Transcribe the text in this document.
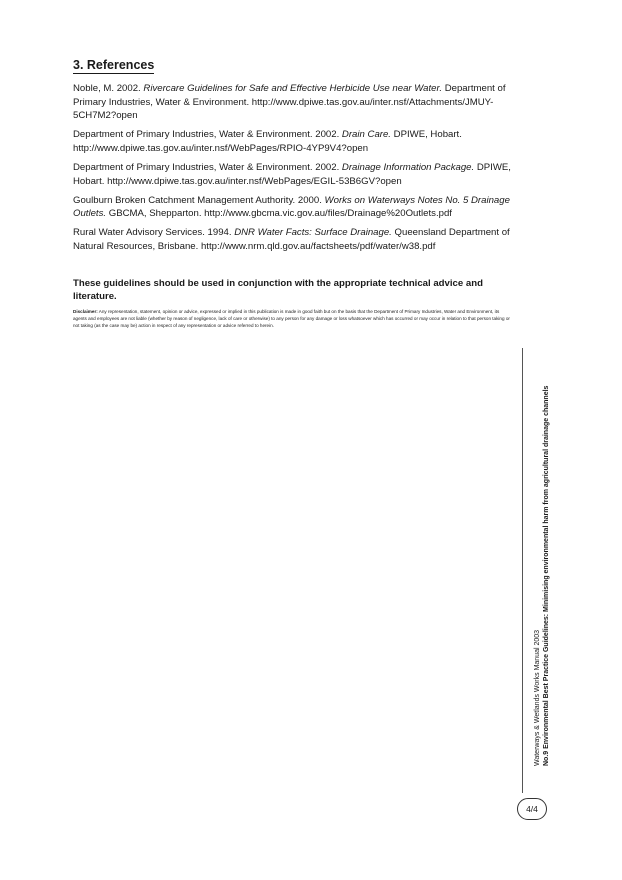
3. References

Noble, M. 2002. Rivercare Guidelines for Safe and Effective Herbicide Use near Water. Department of Primary Industries, Water & Environment. http://www.dpiwe.tas.gov.au/inter.nsf/Attachments/JMUY-5CH7M2?open

Department of Primary Industries, Water & Environment. 2002. Drain Care. DPIWE, Hobart. http://www.dpiwe.tas.gov.au/inter.nsf/WebPages/RPIO-4YP9V4?open

Department of Primary Industries, Water & Environment. 2002. Drainage Information Package. DPIWE, Hobart. http://www.dpiwe.tas.gov.au/inter.nsf/WebPages/EGIL-53B6GV?open

Goulburn Broken Catchment Management Authority. 2000. Works on Waterways Notes No. 5 Drainage Outlets. GBCMA, Shepparton. http://www.gbcma.vic.gov.au/files/Drainage%20Outlets.pdf

Rural Water Advisory Services. 1994. DNR Water Facts: Surface Drainage. Queensland Department of Natural Resources, Brisbane. http://www.nrm.qld.gov.au/factsheets/pdf/water/w38.pdf

These guidelines should be used in conjunction with the appropriate technical advice and literature.

Disclaimer: Any representation, statement, opinion or advice, expressed or implied in this publication is made in good faith but on the basis that the Department of Primary Industries, Water and Environment, its agents and employees are not liable (whether by reason of negligence, lack of care or otherwise) to any person for any damage or loss whatsoever which has occurred or may occur in relation to that person taking or not taking (as the case may be) action in respect of any representation or advice referred to herein.

Waterways & Wetlands Works Manual 2003 No.9 Environmental Best Practice Guidelines: Minimising environmental harm from agricultural drainage channels
4/4
